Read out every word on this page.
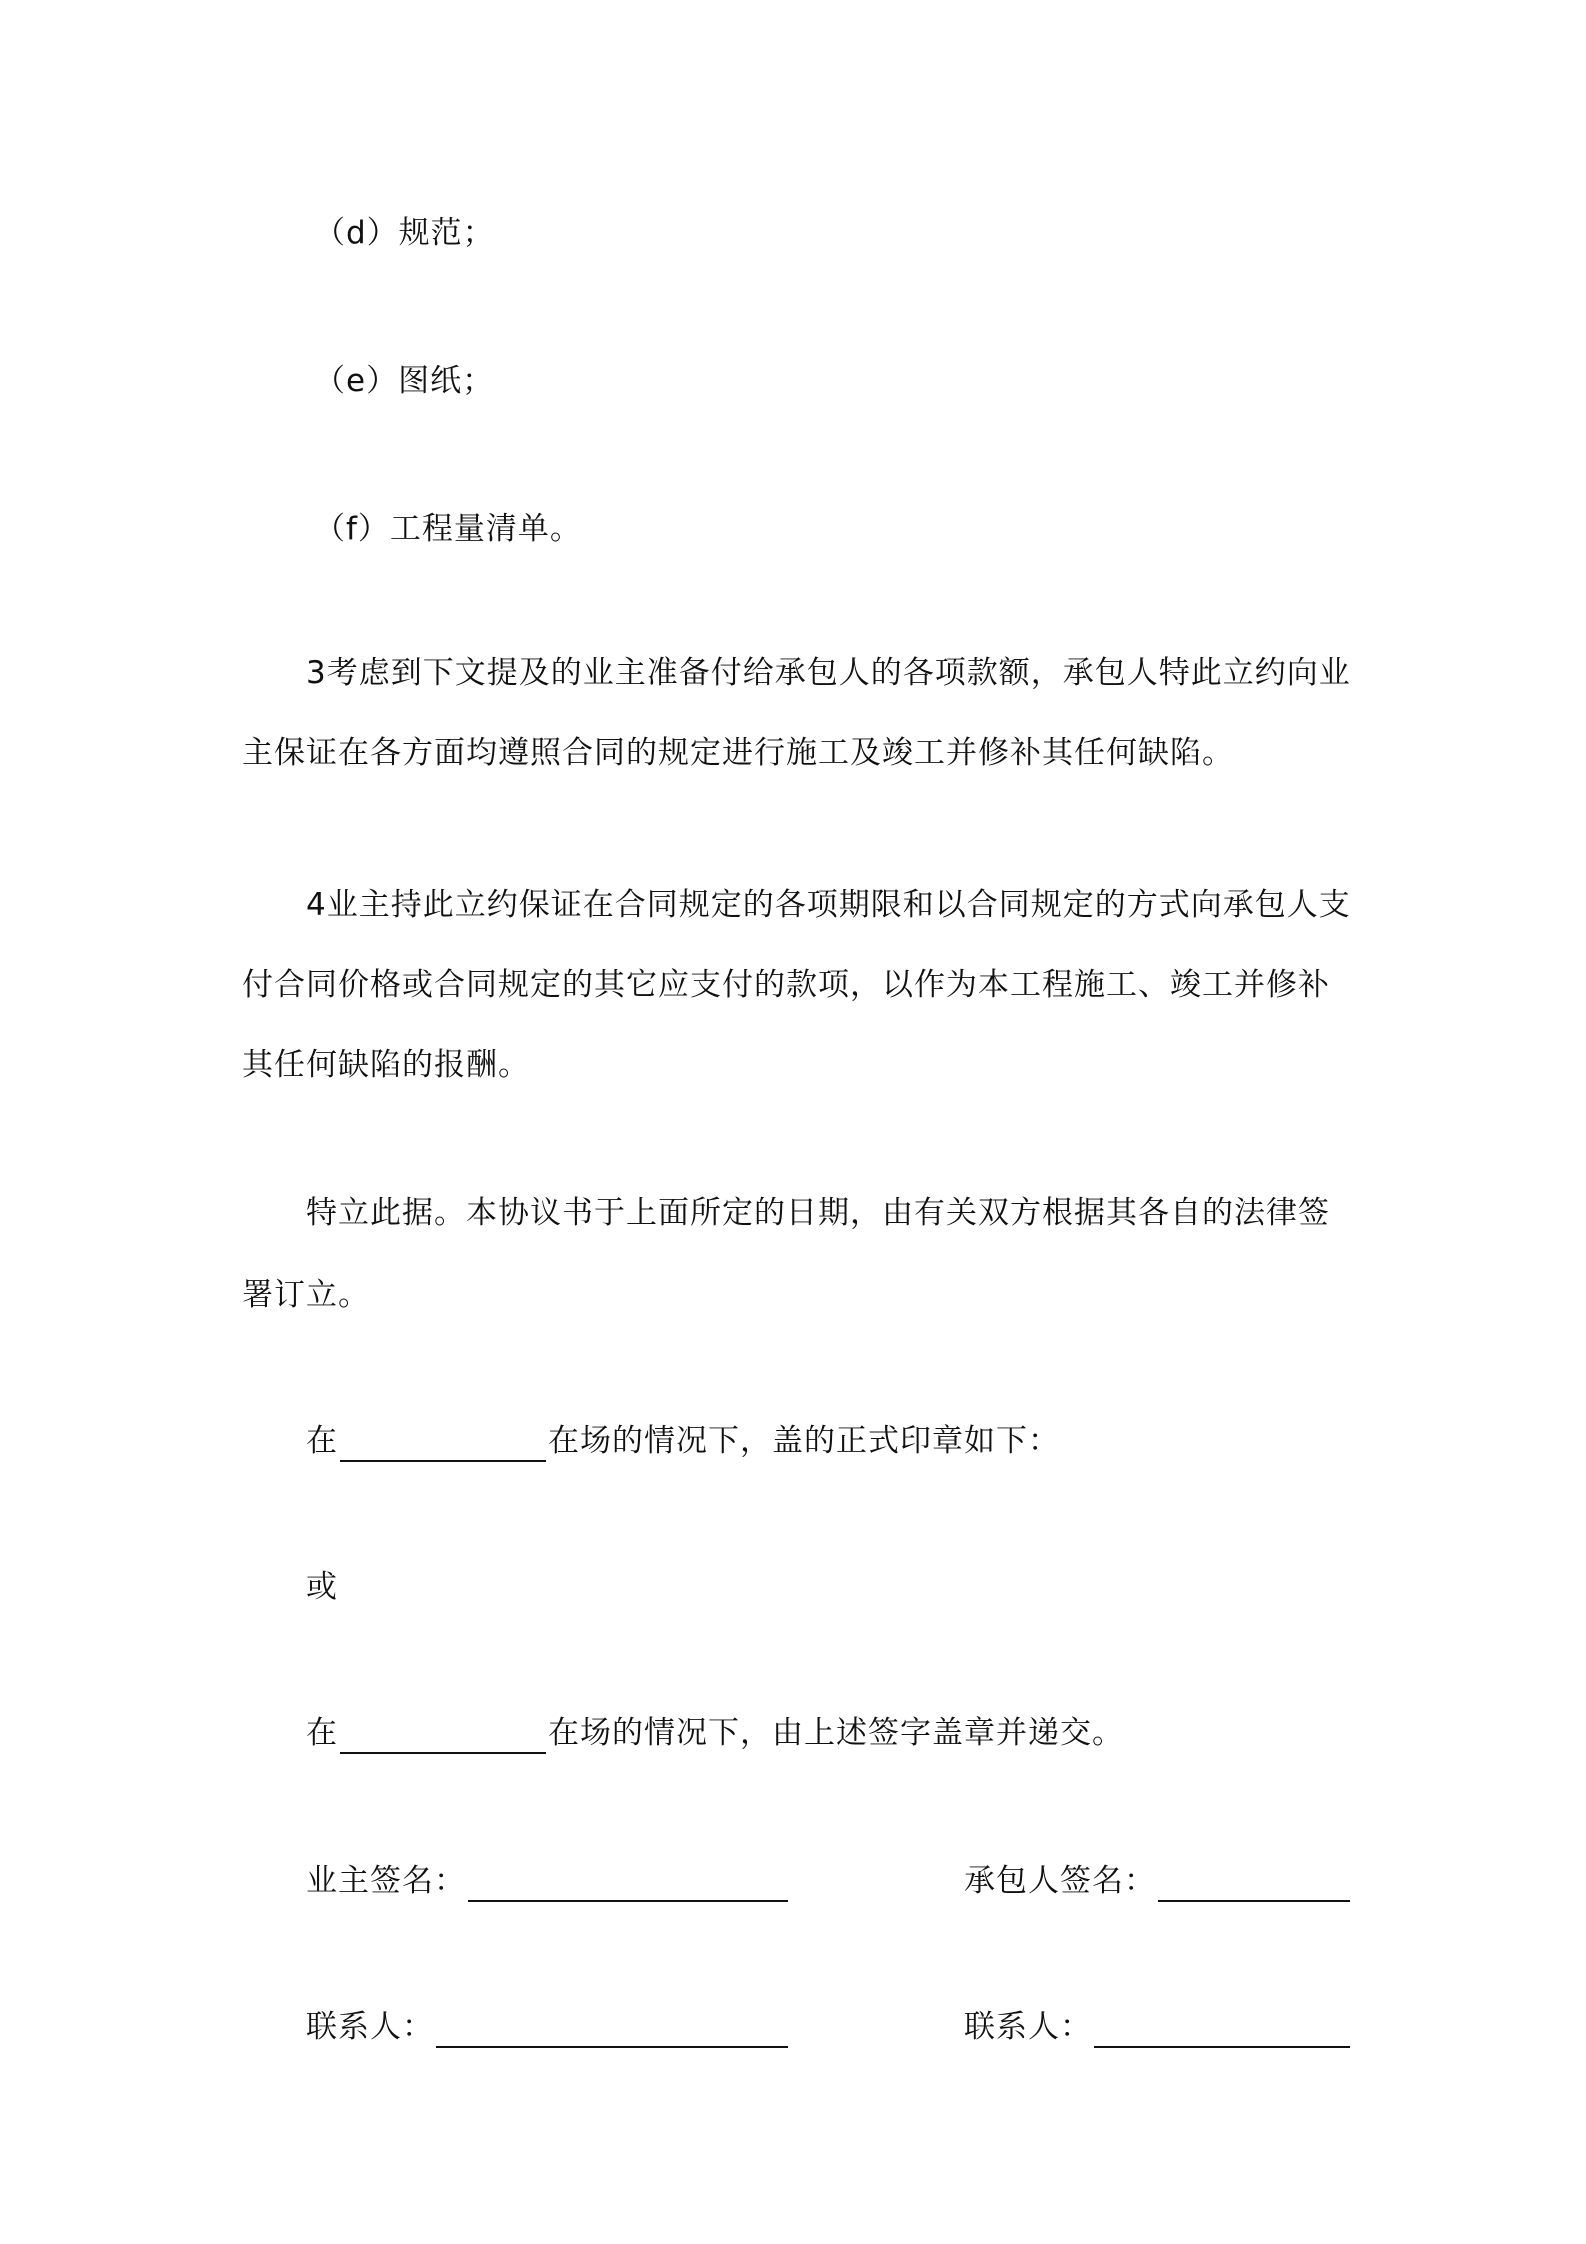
（d）规范；
（e）图纸；
（f）工程量清单。
3考虑到下文提及的业主准备付给承包人的各项款额，承包人特此立约向业
主保证在各方面均遵照合同的规定进行施工及竣工并修补其任何缺陷。
4业主持此立约保证在合同规定的各项期限和以合同规定的方式向承包人支
付合同价格或合同规定的其它应支付的款项，以作为本工程施工、竣工并修补
其任何缺陷的报酬。
特立此据。本协议书于上面所定的日期，由有关双方根据其各自的法律签
署订立。
在	在场的情况下，盖的正式印章如下：
或
在	在场的情况下，由上述签字盖章并递交。
业主签名：	承包人签名：
联系人：	联系人：
